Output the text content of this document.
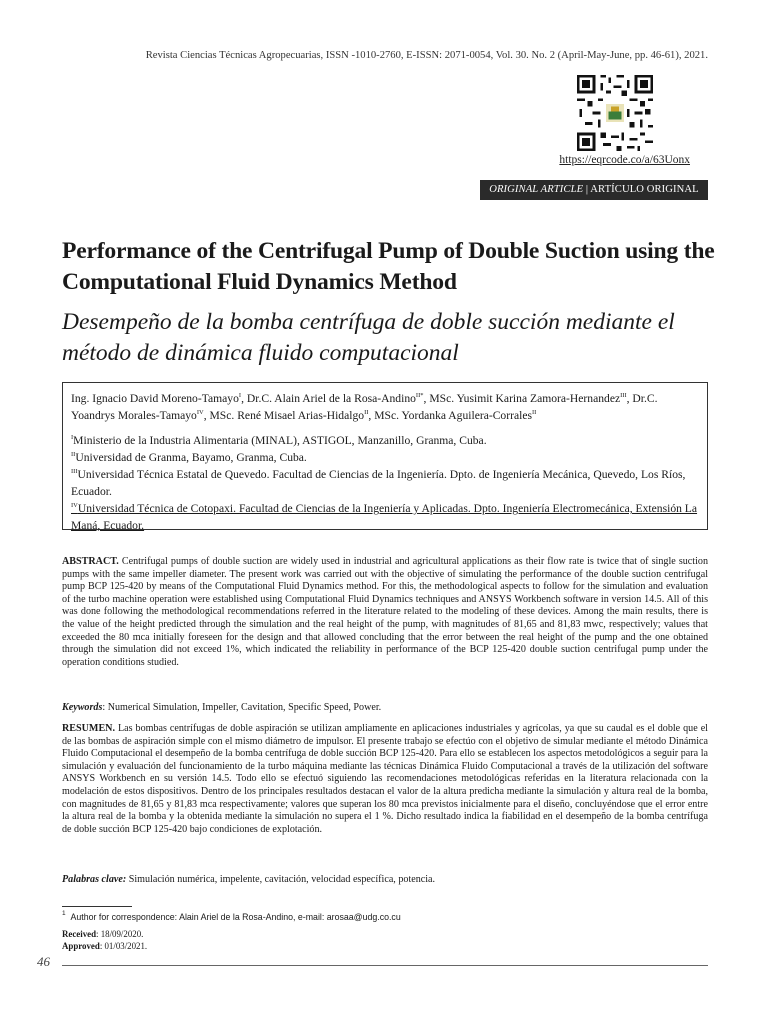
Revista Ciencias Técnicas Agropecuarias, ISSN -1010-2760, E-ISSN: 2071-0054, Vol. 30. No. 2 (April-May-June, pp. 46-61), 2021.
https://eqrcode.co/a/63Uonx
ORIGINAL ARTICLE | ARTÍCULO ORIGINAL
Performance of the Centrifugal Pump of Double Suction using the Computational Fluid Dynamics Method
Desempeño de la bomba centrífuga de doble succión mediante el método de dinámica fluido computacional
Ing. Ignacio David Moreno-Tamayo$^I$, Dr.C. Alain Ariel de la Rosa-Andino$^{II*}$, MSc. Yusimit Karina Zamora-Hernandez$^{III}$, Dr.C. Yoandrys Morales-Tamayo$^{IV}$, MSc. René Misael Arias-Hidalgo$^{II}$, MSc. Yordanka Aguilera-Corrales$^{II}$

$^I$Ministerio de la Industria Alimentaria (MINAL), ASTIGOL, Manzanillo, Granma, Cuba.

$^{II}$Universidad de Granma, Bayamo, Granma, Cuba.

$^{III}$Universidad Técnica Estatal de Quevedo. Facultad de Ciencias de la Ingeniería. Dpto. de Ingeniería Mecánica, Quevedo, Los Ríos, Ecuador.

$^{IV}$Universidad Técnica de Cotopaxi. Facultad de Ciencias de la Ingeniería y Aplicadas. Dpto. Ingeniería Electromecánica, Extensión La Maná, Ecuador.

ABSTRACT. Centrifugal pumps of double suction are widely used in industrial and agricultural applications as their flow rate is twice that of single suction pumps with the same impeller diameter. The present work was carried out with the objective of simulating the performance of the double suction centrifugal pump BCP 125-420 by means of the Computational Fluid Dynamics method. For this, the methodological aspects to follow for the simulation and evaluation of the turbo machine operation were established using Computational Fluid Dynamics techniques and ANSYS Workbench software in version 14.5. All of this was done following the methodological recommendations referred in the literature related to the modeling of these devices. Among the main results, there is the value of the height predicted through the simulation and the real height of the pump, with magnitudes of 81,65 and 81,83 mwc, respectively; values that exceeded the 80 mca initially foreseen for the design and that allowed concluding that the error between the real height of the pump and the one obtained through the simulation did not exceed 1%, which indicated the reliability in performance of the BCP 125-420 double suction centrifugal pump under the operation conditions studied.
Keywords: Numerical Simulation, Impeller, Cavitation, Specific Speed, Power.
RESUMEN. Las bombas centrífugas de doble aspiración se utilizan ampliamente en aplicaciones industriales y agrícolas, ya que su caudal es el doble que el de las bombas de aspiración simple con el mismo diámetro de impulsor. El presente trabajo se efectúo con el objetivo de simular mediante el método Dinámica Fluido Computacional el desempeño de la bomba centrífuga de doble succión BCP 125-420. Para ello se establecen los aspectos metodológicos a seguir para la simulación y evaluación del funcionamiento de la turbo máquina mediante las técnicas Dinámica Fluido Computacional a través de la utilización del software ANSYS Workbench en su versión 14.5. Todo ello se efectuó siguiendo las recomendaciones metodológicas referidas en la literatura relacionada con la modelación de estos dispositivos. Dentro de los principales resultados destacan el valor de la altura predicha mediante la simulación y altura real de la bomba, con magnitudes de 81,65 y 81,83 mca respectivamente; valores que superan los 80 mca previstos inicialmente para el diseño, concluyéndose que el error entre la altura real de la bomba y la obtenida mediante la simulación no supera el 1 %. Dicho resultado indica la fiabilidad en el desempeño de la bomba centrífuga de doble succión BCP 125-420 bajo condiciones de explotación.
Palabras clave: Simulación numérica, impelente, cavitación, velocidad específica, potencia.
$^1$ Author for correspondence: Alain Ariel de la Rosa-Andino, e-mail: arosaa@udg.co.cu
Received: 18/09/2020.
Approved: 01/03/2021.
46
